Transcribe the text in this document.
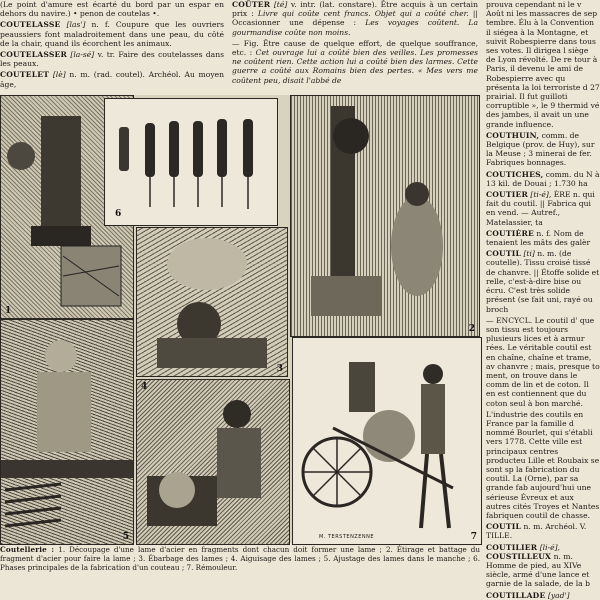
(Le point d'amure est écarté du bord par un espar en dehors du navire.) • penon de coutelas •.

COUTELASSE [las'] n. f. Coupure que les ouvriers peaussiers font maladroitement dans une peau, du côté de la chair, quand ils écorchent les animaux.

COUTELASSER [la-sé] v. tr. Faire des coutelasses dans les peaux.

COUTELET [lè] n. m. (rad. coutel). Archéol. Au moyen âge,

COÛTER [té] v. intr. (lat. constare). Être acquis à un certain prix : Livre qui coûte cent francs. Objet qui a coûté cher. || Occasionner une dépense : Les voyages coûtent. La gourmandise coûte non moins.

— Fig. Être cause de quelque effort, de quelque souffrance, etc. : Cet ouvrage lui a coûté bien des veilles. Les promesses ne coûtent rien. Cette action lui a coûté bien des larmes. Cette guerre a coûté aux Romains bien des pertes. « Mes vers me coûtent peu, disait l'abbé de

prouva cependant ni le v Août ni les massacres de sep tembre. Élu à la Convention il siégea à la Montagne, et suivit Robespierre dans tous ses votes. Il dirigea l siège de Lyon révolté. De re tour à Paris, il devenu le ami de Robespierre avec qu présenta la loi terroriste d 27 prairial. Il fut guilloti corruptible », le 9 thermid vé des jambes, il avait un une grande influence.

COUTHUIN, comm. de Belgique (prov. de Huy), sur la Meuse ; 3 minerai de fer. Fabriques bonnages.

COUTICHES, comm. du N à 13 kil. de Douai ; 1.730 ha

COUTIER [ti-é], ÈRE n. qui fait du coutil. || Fabrica qui en vend. — Autref., Matelassier, ta

COUTIÈRE n. f. Nom de tenaient les mâts des galèr

COUTIL [ti] n. m. (de coutelle). Tissu croisé tissé de chanvre. || Étoffe solide et relle, c'est-à-dire bise ou écru. C'est très solide présent (se fait uni, rayé ou broch

— ENCYCL. Le coutil d' que son tissu est toujours plusieurs lices et à armur rées. Le véritable coutil est en chaîne, chaîne et trame, av chanvre ; mais, presque to ment, on trouve dans le comm de lin et de coton. Il en est contiennent que du coton seul à bon marché.

L'industrie des coutils en France par la famille d nommé Bourlet, qui s'établi vers 1778. Cette ville est principaux centres producteu Lille et Roubaix se sont sp la fabrication du coutil. La (Orne), par sa grande fab aujourd'hui une sérieuse Évreux et aux autres cités Troyes et Nantes fabriquen coutil de chasse.

COUTIL n. m. Archéol. V. TILLE.

COUTILIER [li-é], COUSTILLEUX n. m. Homme de pied, au XIVe siècle, armé d'une lance et garnie de la salade, de la b

COUTILLADE [yad']

1
6
3
2
5
4
M. TERSTENZENNE	7
Coutellerie : 1. Découpage d'une lame d'acier en fragments dont chacun doit former une lame ; 2. Étirage et battage du fragment d'acier pour faire la lame ; 3. Ébarbage des lames ; 4. Aiguisage des lames ; 5. Ajustage des lames dans le manche ; 6. Phases principales de la fabrication d'un couteau ; 7. Rémouleur.
